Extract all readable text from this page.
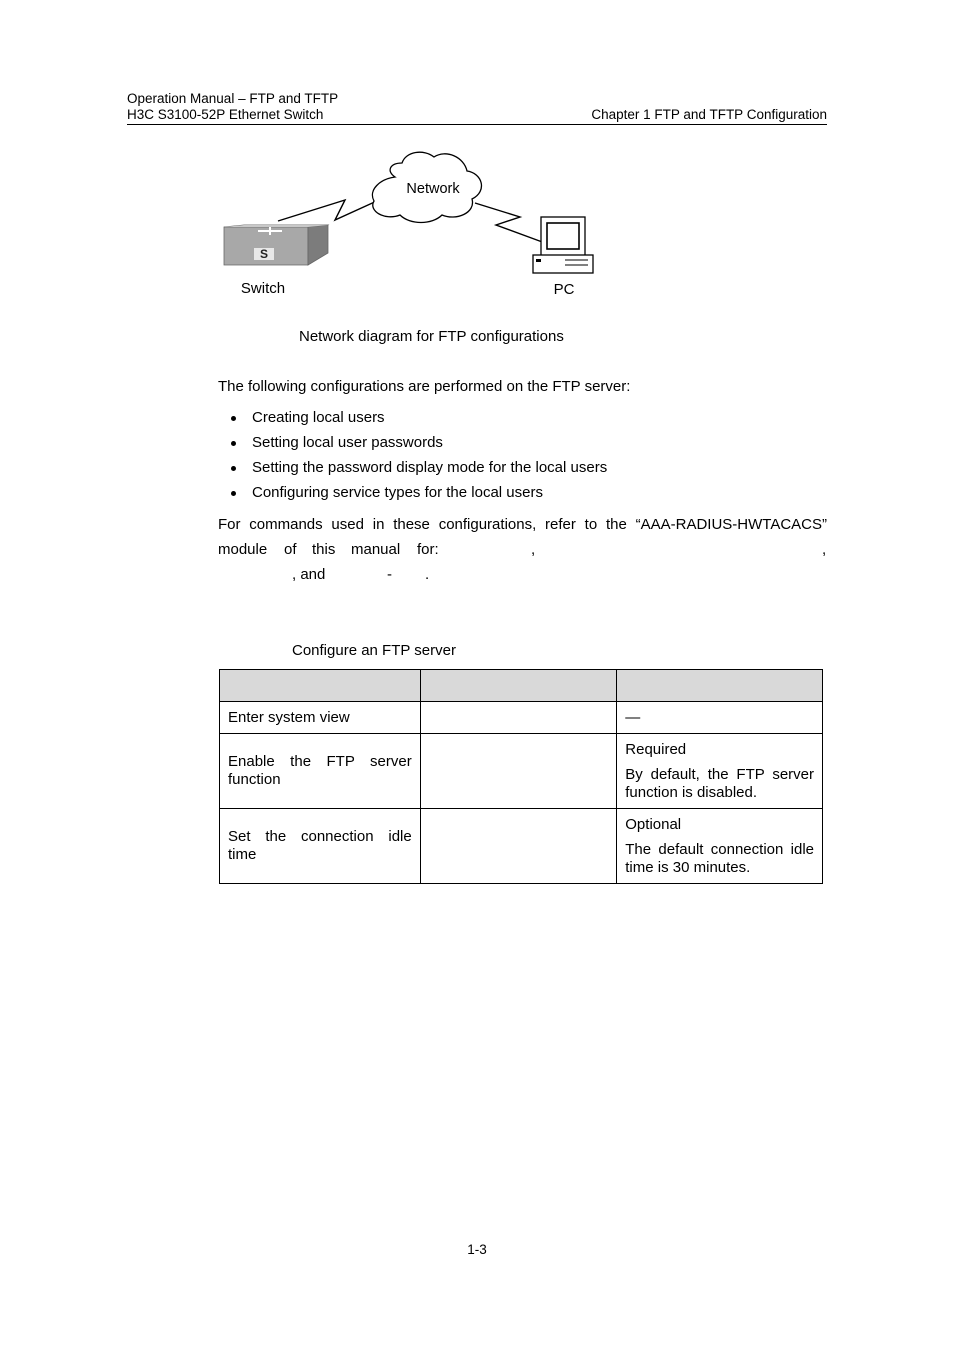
Operation Manual – FTP and TFTP
H3C S3100-52P Ethernet Switch	Chapter 1 FTP and TFTP Configuration
Network
S
Switch	PC
Network diagram for FTP configurations
The following configurations are performed on the FTP server:
Creating local users
Setting local user passwords
Setting the password display mode for the local users
Configuring service types for the local users
For commands used in these configurations, refer to the “AAA-RADIUS-HWTACACS”
module of this manual for:	,	,
, and	- .
Configure an FTP server

Enter system view		—
Enable the FTP server function		Required

By default, the FTP server function is disabled.

Set the connection idle time		Optional

The default connection idle time is 30 minutes.

1-3
